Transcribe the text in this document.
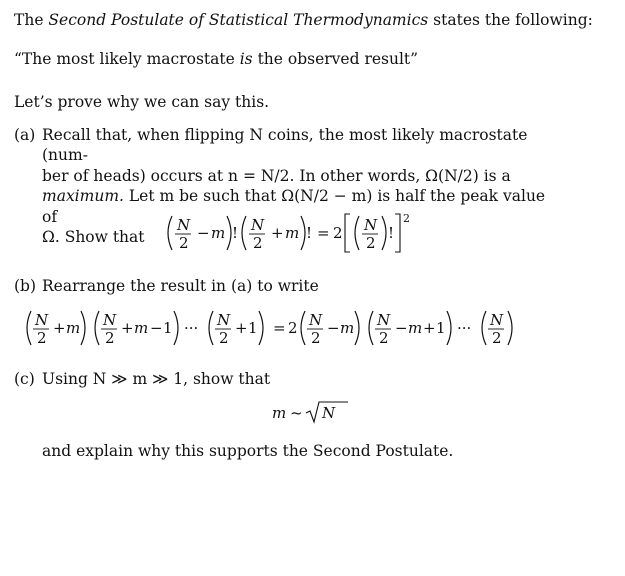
The Second Postulate of Statistical Thermodynamics states the following:
“The most likely macrostate is the observed result”
Let’s prove why we can say this.
(a) Recall that, when flipping N coins, the most likely macrostate (num-
ber of heads) occurs at n = N/2. In other words, Ω(N/2) is a
maximum. Let m be such that Ω(N/2 − m) is half the peak value of
Ω. Show that
N
2
− m ! N
2
+ m ! = 2 N
2
!
2
(b) Rearrange the result in (a) to write
N
2
+ m N
2
+ m − 1 ··· N
2
+ 1 = 2 N
2
− m N
2
− m + 1 ··· N
2
(c) Using N ≫ m ≫ 1, show that
m ~ N
and explain why this supports the Second Postulate.
